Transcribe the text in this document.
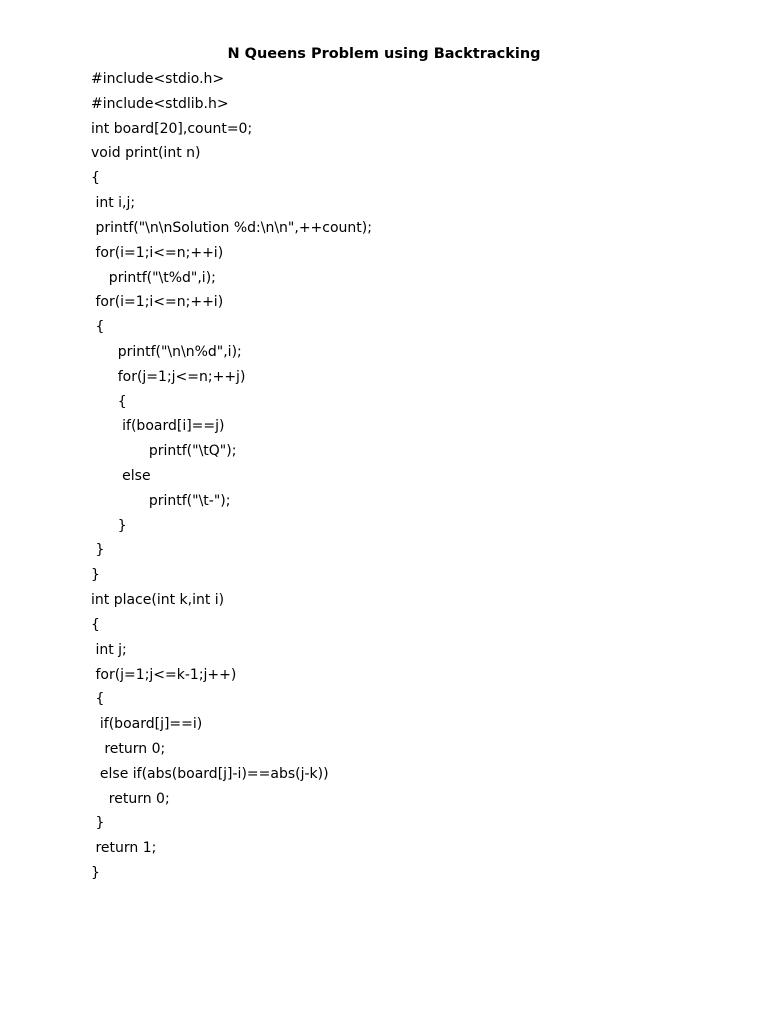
N Queens Problem using Backtracking
#include<stdio.h>
#include<stdlib.h>
int board[20],count=0;
void print(int n)
{
int i,j;
printf("\n\nSolution %d:\n\n",++count);
for(i=1;i<=n;++i)
printf("\t%d",i);
for(i=1;i<=n;++i)
{
printf("\n\n%d",i);
for(j=1;j<=n;++j)
{
if(board[i]==j)
printf("\tQ");
else
printf("\t-");
}
}
}
int place(int k,int i)
{
int j;
for(j=1;j<=k-1;j++)
{
if(board[j]==i)
return 0;
else if(abs(board[j]-i)==abs(j-k))
return 0;
}
return 1;
}
